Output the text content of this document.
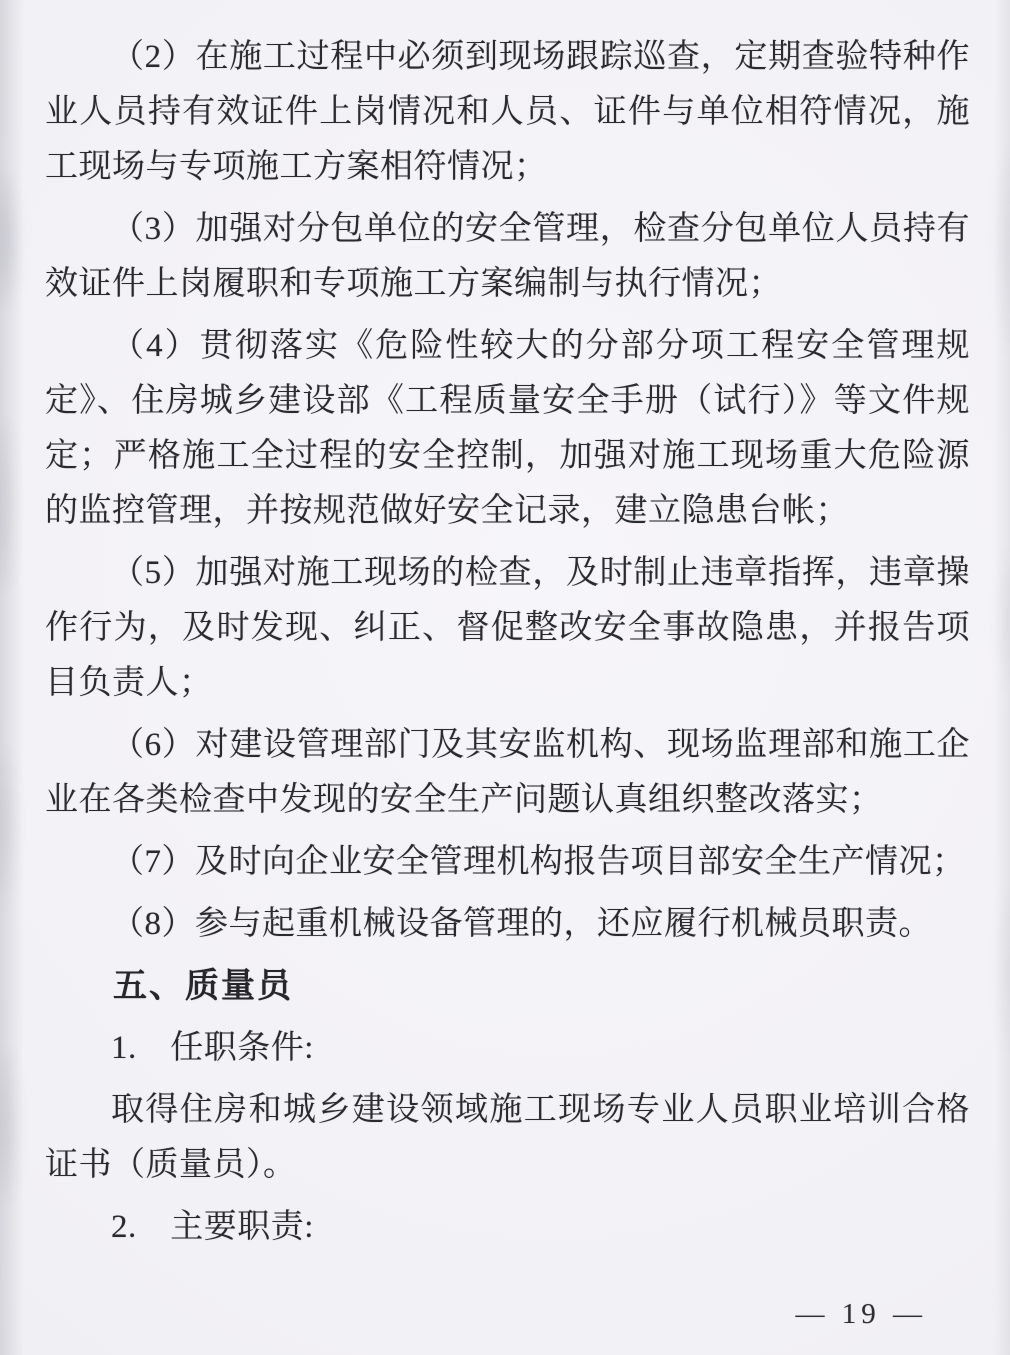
（2）在施工过程中必须到现场跟踪巡查，定期查验特种作业人员持有效证件上岗情况和人员、证件与单位相符情况，施工现场与专项施工方案相符情况；

（3）加强对分包单位的安全管理，检查分包单位人员持有效证件上岗履职和专项施工方案编制与执行情况；

（4）贯彻落实《危险性较大的分部分项工程安全管理规定》、住房城乡建设部《工程质量安全手册（试行）》等文件规定；严格施工全过程的安全控制，加强对施工现场重大危险源的监控管理，并按规范做好安全记录，建立隐患台帐；

（5）加强对施工现场的检查，及时制止违章指挥，违章操作行为，及时发现、纠正、督促整改安全事故隐患，并报告项目负责人；

（6）对建设管理部门及其安监机构、现场监理部和施工企业在各类检查中发现的安全生产问题认真组织整改落实；

（7）及时向企业安全管理机构报告项目部安全生产情况；

（8）参与起重机械设备管理的，还应履行机械员职责。

五、质量员

1.　任职条件:

取得住房和城乡建设领域施工现场专业人员职业培训合格证书（质量员）。

2.　主要职责:

— 19 —
